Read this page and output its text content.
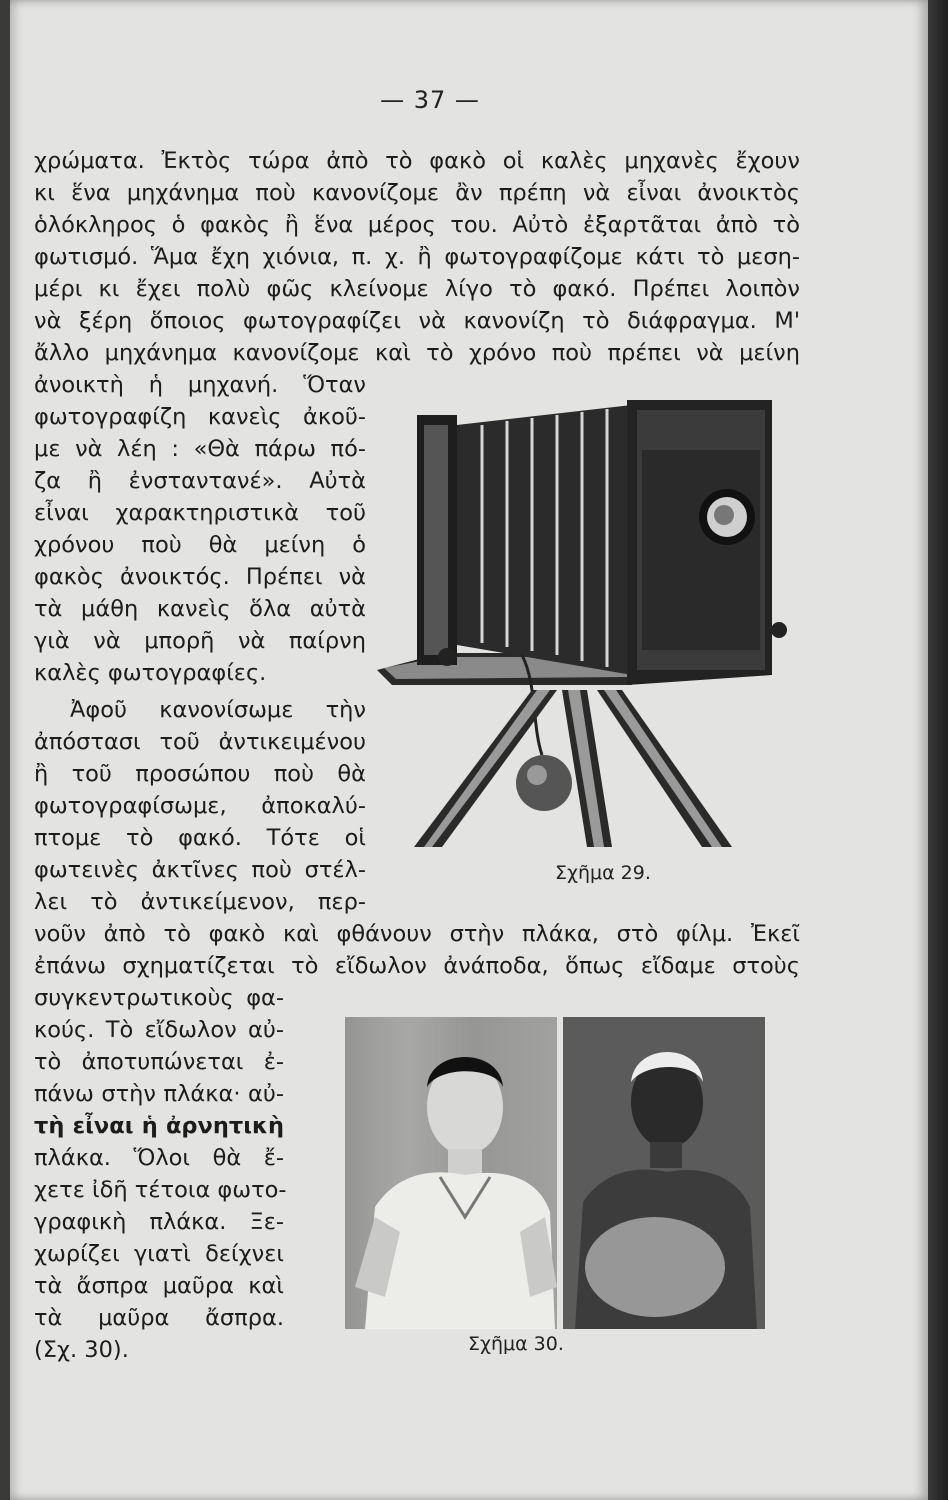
— 37 —
χρώματα. Ἐκτὸς τώρα ἀπὸ τὸ φακὸ οἱ καλὲς μηχανὲς ἔχουν
κι ἕνα μηχάνημα ποὺ κανονίζομε ἂν πρέπη νὰ εἶναι ἀνοικτὸς
ὁλόκληρος ὁ φακὸς ἢ ἕνα μέρος του. Αὐτὸ ἐξαρτᾶται ἀπὸ τὸ
φωτισμό. Ἅμα ἔχη χιόνια, π. χ. ἢ φωτογραφίζομε κάτι τὸ μεση-
μέρι κι ἔχει πολὺ φῶς κλείνομε λίγο τὸ φακό. Πρέπει λοιπὸν
νὰ ξέρη ὅποιος φωτογραφίζει νὰ κανονίζη τὸ διάφραγμα. Μ'
ἄλλο μηχάνημα κανονίζομε καὶ τὸ χρόνο ποὺ πρέπει νὰ μείνη
ἀνοικτὴ ἡ μηχανή. Ὅταν
φωτογραφίζη κανεὶς ἀκοῦ-
με νὰ λέη : «Θὰ πάρω πό-
ζα ἢ ἐνσταντανέ». Αὐτὰ
εἶναι χαρακτηριστικὰ τοῦ
χρόνου ποὺ θὰ μείνη ὁ
φακὸς ἀνοικτός. Πρέπει νὰ
τὰ μάθη κανεὶς ὅλα αὐτὰ
γιὰ νὰ μπορῆ νὰ παίρνη
καλὲς φωτογραφίες.
Ἀφοῦ κανονίσωμε τὴν
ἀπόστασι τοῦ ἀντικειμένου
ἢ τοῦ προσώπου ποὺ θὰ
φωτογραφίσωμε, ἀποκαλύ-
πτομε τὸ φακό. Τότε οἱ
φωτεινὲς ἀκτῖνες ποὺ στέλ-
λει τὸ ἀντικείμενον, περ-
Σχῆμα 29.
νοῦν ἀπὸ τὸ φακὸ καὶ φθάνουν στὴν πλάκα, στὸ φίλμ. Ἐκεῖ
ἐπάνω σχηματίζεται τὸ εἴδωλον ἀνάποδα, ὅπως εἴδαμε στοὺς
συγκεντρωτικοὺς φα-
κούς. Τὸ εἴδωλον αὐ-
τὸ ἀποτυπώνεται ἐ-
πάνω στὴν πλάκα· αὐ-
τὴ εἶναι ἡ ἀρνητικὴ
πλάκα. Ὅλοι θὰ ἔ-
χετε ἰδῆ τέτοια φωτο-
γραφικὴ πλάκα. Ξε-
χωρίζει γιατὶ δείχνει
τὰ ἄσπρα μαῦρα καὶ
τὰ μαῦρα ἄσπρα.
(Σχ. 30).	Σχῆμα 30.
